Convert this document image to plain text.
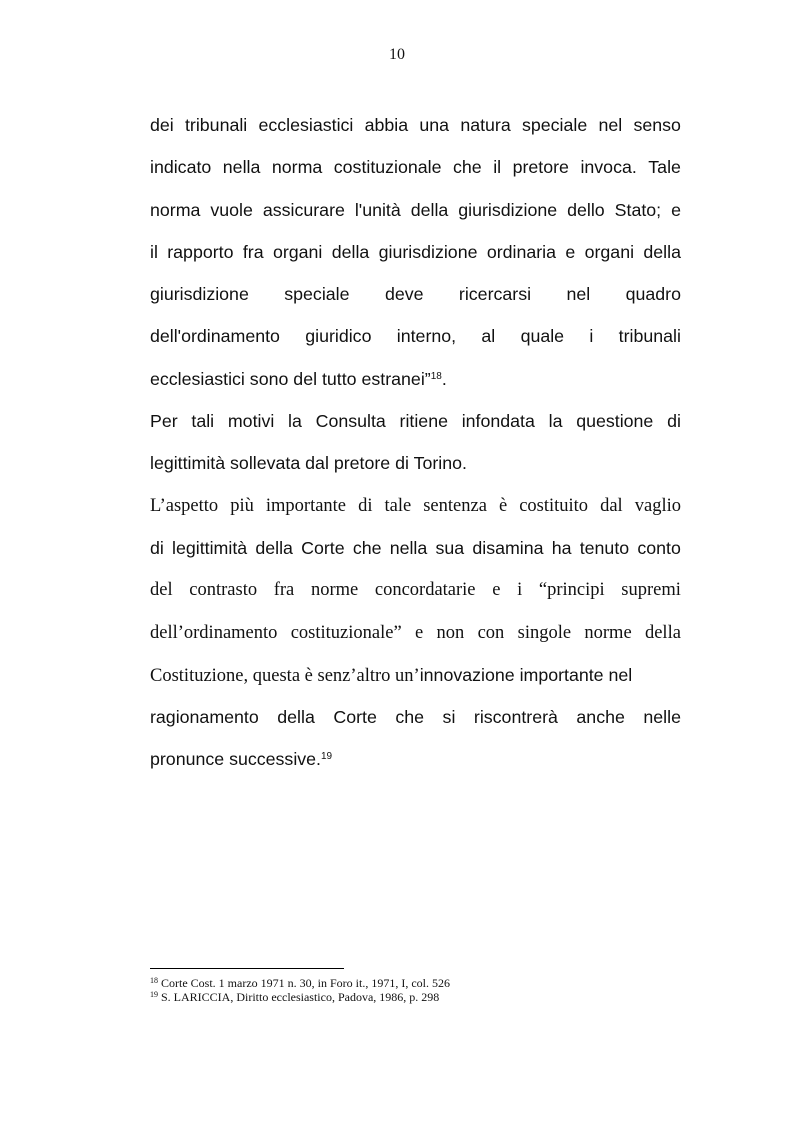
10
dei tribunali ecclesiastici abbia una natura speciale nel senso
indicato nella norma costituzionale che il pretore invoca. Tale
norma vuole assicurare l'unità della giurisdizione dello Stato; e
il rapporto fra organi della giurisdizione ordinaria e organi della
giurisdizione speciale deve ricercarsi nel quadro
dell'ordinamento giuridico interno, al quale i tribunali
ecclesiastici sono del tutto estranei”$^{18}$.
Per tali motivi la Consulta ritiene infondata la questione di
legittimità sollevata dal pretore di Torino.
L’aspetto più importante di tale sentenza è costituito dal vaglio
di legittimità della Corte che nella sua disamina ha tenuto conto
del contrasto fra norme concordatarie e i “principi supremi
dell’ordinamento costituzionale” e non con singole norme della
Costituzione, questa è senz’altro un’innovazione importante nel
ragionamento della Corte che si riscontrerà anche nelle
pronunce successive.$^{19}$
$^{18}$ Corte Cost. 1 marzo 1971 n. 30, in Foro it., 1971, I, col. 526
$^{19}$ S. LARICCIA, Diritto ecclesiastico, Padova, 1986, p. 298
